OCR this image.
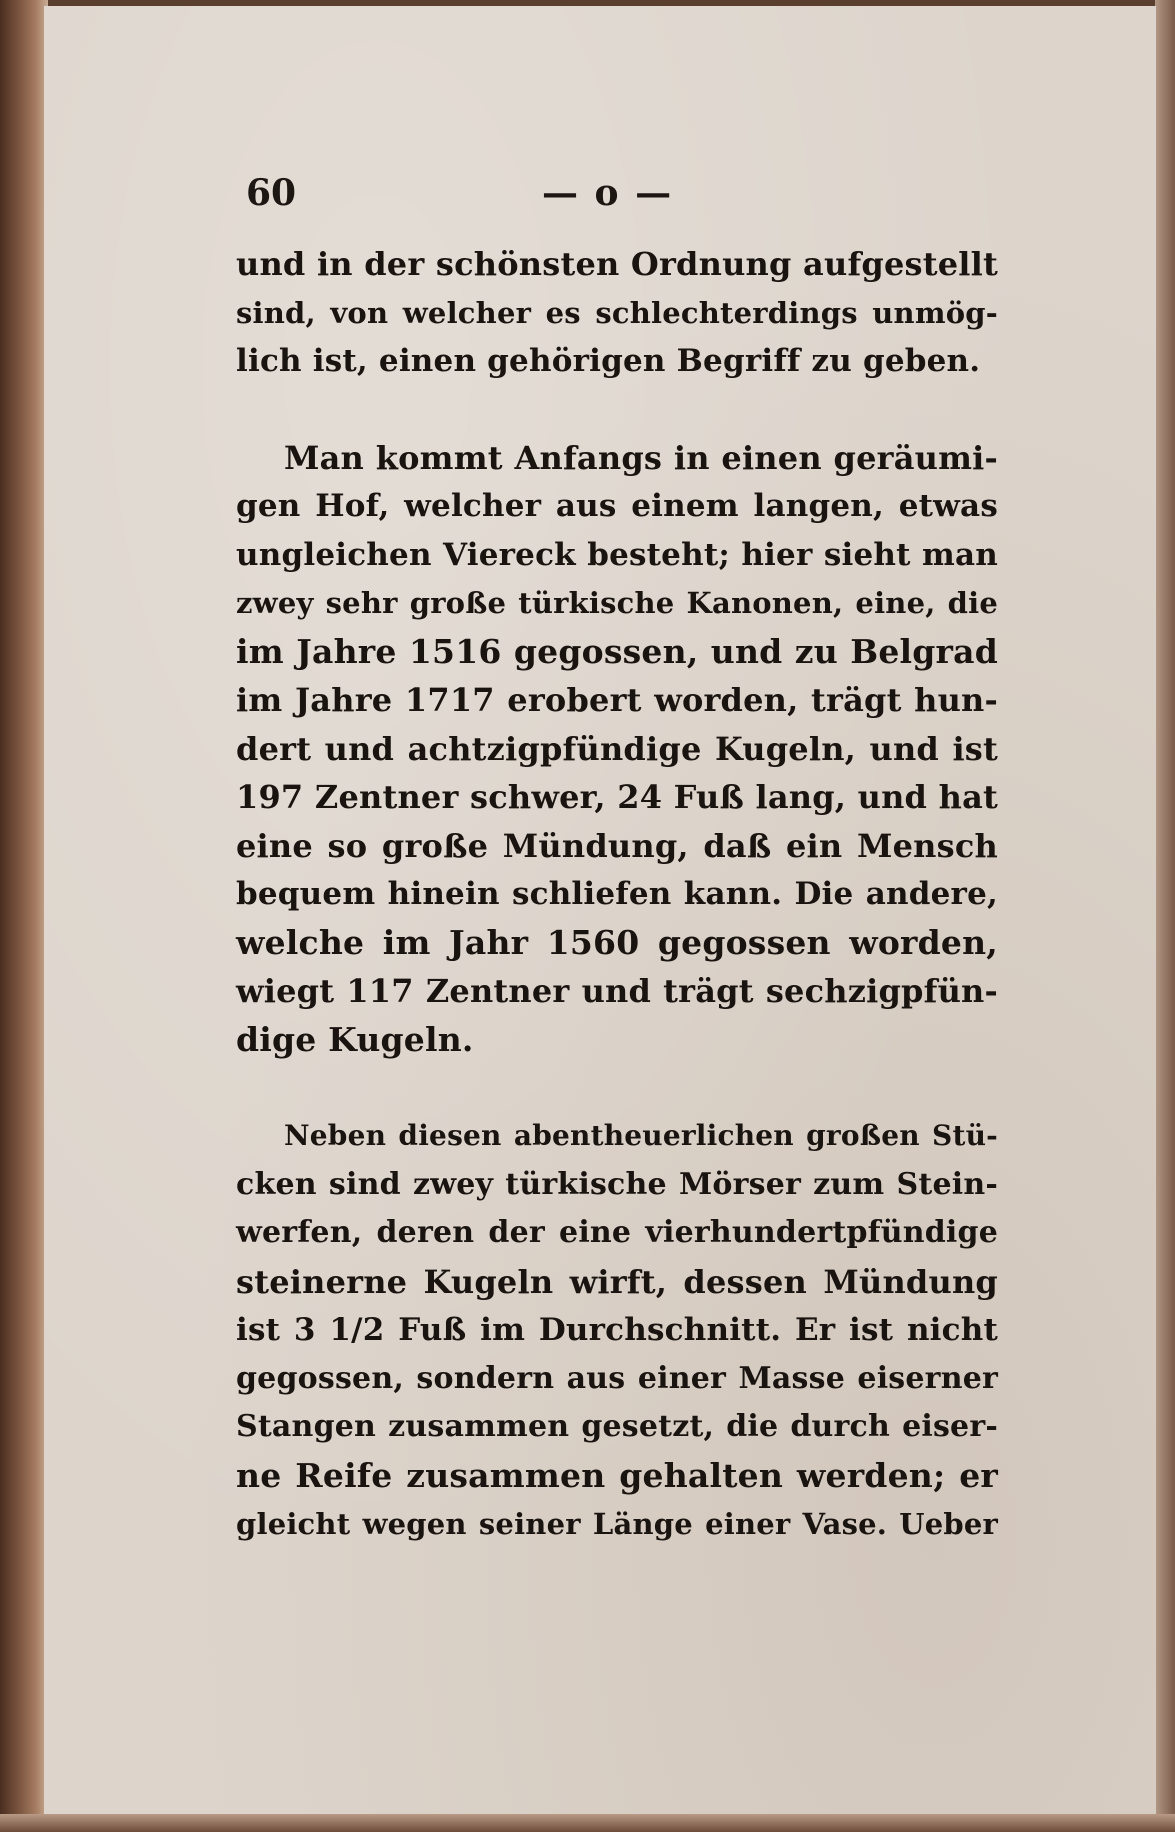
60	— o —
und in der schönsten Ordnung aufgestellt
sind, von welcher es schlechterdings unmög-
lich ist, einen gehörigen Begriff zu geben.
Man kommt Anfangs in einen geräumi-
gen Hof, welcher aus einem langen, etwas
ungleichen Viereck besteht; hier sieht man
zwey sehr große türkische Kanonen, eine, die
im Jahre 1516 gegossen, und zu Belgrad
im Jahre 1717 erobert worden, trägt hun-
dert und achtzigpfündige Kugeln, und ist
197 Zentner schwer, 24 Fuß lang, und hat
eine so große Mündung, daß ein Mensch
bequem hinein schliefen kann. Die andere,
welche im Jahr 1560 gegossen worden,
wiegt 117 Zentner und trägt sechzigpfün-
dige Kugeln.
Neben diesen abentheuerlichen großen Stü-
cken sind zwey türkische Mörser zum Stein-
werfen, deren der eine vierhundertpfündige
steinerne Kugeln wirft, dessen Mündung
ist 3 1/2 Fuß im Durchschnitt. Er ist nicht
gegossen, sondern aus einer Masse eiserner
Stangen zusammen gesetzt, die durch eiser-
ne Reife zusammen gehalten werden; er
gleicht wegen seiner Länge einer Vase. Ueber
